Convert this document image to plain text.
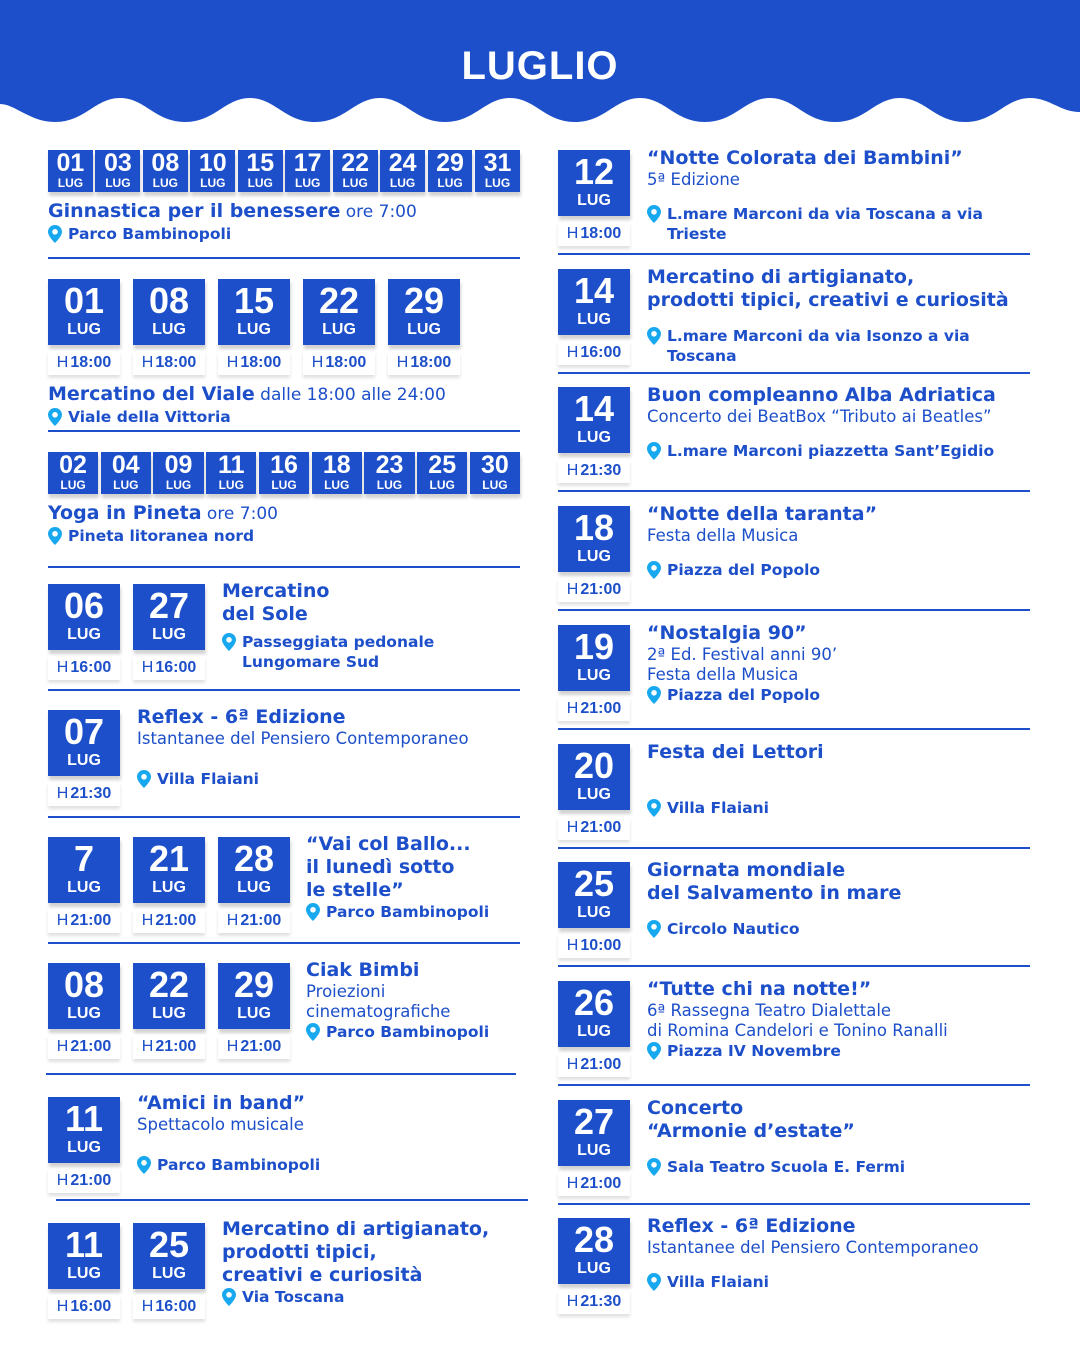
LUGLIO
01
LUG
03
LUG
08
LUG
10
LUG
15
LUG
17
LUG
22
LUG
24
LUG
29
LUG
31
LUG
Ginnastica per il benessere ore 7:00
Parco Bambinopoli
01
LUG
H 18:00
08
LUG
H 18:00
15
LUG
H 18:00
22
LUG
H 18:00
29
LUG
H 18:00
Mercatino del Viale dalle 18:00 alle 24:00
Viale della Vittoria
02
LUG
04
LUG
09
LUG
11
LUG
16
LUG
18
LUG
23
LUG
25
LUG
30
LUG
Yoga in Pineta ore 7:00
Pineta litoranea nord
06
LUG
H 16:00
27
LUG
H 16:00
Mercatino
del Sole
Passeggiata pedonale
Lungomare Sud
07
LUG
H 21:30
Reflex - 6ª Edizione
Istantanee del Pensiero Contemporaneo
Villa Flaiani
7
LUG
H 21:00
21
LUG
H 21:00
28
LUG
H 21:00
“Vai col Ballo...
il lunedì sotto
le stelle”
Parco Bambinopoli
08
LUG
H 21:00
22
LUG
H 21:00
29
LUG
H 21:00
Ciak Bimbi
Proiezioni
cinematografiche
Parco Bambinopoli
11
LUG
H 21:00
“Amici in band”
Spettacolo musicale
Parco Bambinopoli
11
LUG
H 16:00
25
LUG
H 16:00
Mercatino di artigianato,
prodotti tipici,
creativi e curiosità
Via Toscana
12
LUG
H 18:00
“Notte Colorata dei Bambini”
5ª Edizione
L.mare Marconi da via Toscana a via Trieste
14
LUG
H 16:00
Mercatino di artigianato,
prodotti tipici, creativi e curiosità
L.mare Marconi da via Isonzo a via Toscana
14
LUG
H 21:30
Buon compleanno Alba Adriatica
Concerto dei BeatBox “Tributo ai Beatles”
L.mare Marconi piazzetta Sant’Egidio
18
LUG
H 21:00
“Notte della taranta”
Festa della Musica
Piazza del Popolo
19
LUG
H 21:00
“Nostalgia 90”
2ª Ed. Festival anni 90’
Festa della Musica
Piazza del Popolo
20
LUG
H 21:00
Festa dei Lettori
Villa Flaiani
25
LUG
H 10:00
Giornata mondiale
del Salvamento in mare
Circolo Nautico
26
LUG
H 21:00
“Tutte chi na notte!”
6ª Rassegna Teatro Dialettale
di Romina Candelori e Tonino Ranalli
Piazza IV Novembre
27
LUG
H 21:00
Concerto
“Armonie d’estate”
Sala Teatro Scuola E. Fermi
28
LUG
H 21:30
Reflex - 6ª Edizione
Istantanee del Pensiero Contemporaneo
Villa Flaiani
